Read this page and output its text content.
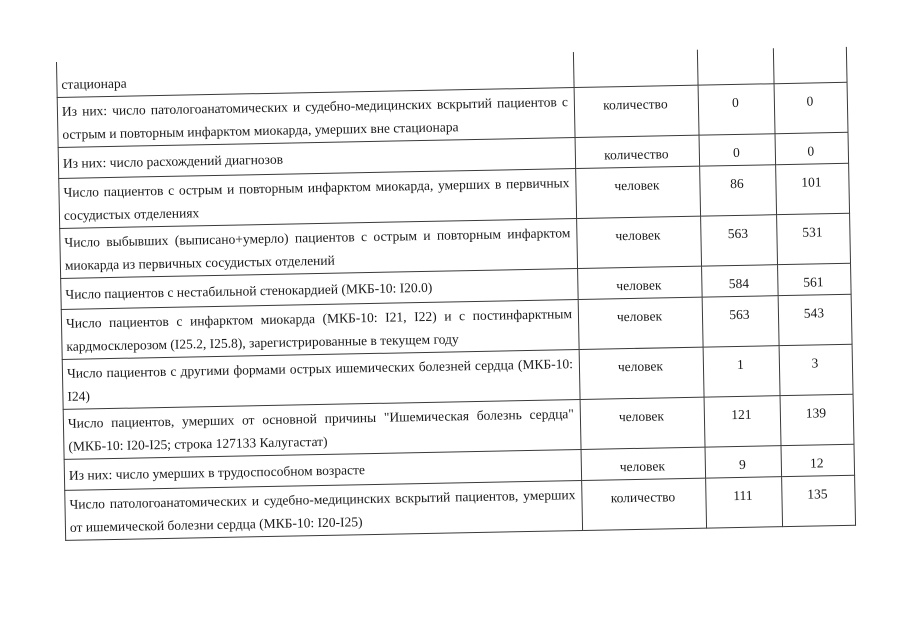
стационара			
Из них: число патологоанатомических и судебно-медицинских вскрытий пациентов с острым и повторным инфарктом миокарда, умерших вне стационара	количество	0	0
Из них: число расхождений диагнозов	количество	0	0
Число пациентов с острым и повторным инфарктом миокарда, умерших в первичных сосудистых отделениях	человек	86	101
Число выбывших (выписано+умерло) пациентов с острым и повторным инфарктом миокарда из первичных сосудистых отделений	человек	563	531
Число пациентов с нестабильной стенокардией (МКБ-10: I20.0)	человек	584	561
Число пациентов с инфарктом миокарда (МКБ-10: I21, I22) и с постинфарктным кардмосклерозом (I25.2, I25.8), зарегистрированные в текущем году	человек	563	543
Число пациентов с другими формами острых ишемических болезней сердца (МКБ-10: I24)	человек	1	3
Число пациентов, умерших от основной причины "Ишемическая болезнь сердца" (МКБ-10: I20-I25; строка 127133 Калугастат)	человек	121	139
Из них: число умерших в трудоспособном возрасте	человек	9	12
Число патологоанатомических и судебно-медицинских вскрытий пациентов, умерших от ишемической болезни сердца (МКБ-10: I20-I25)	количество	111	135
